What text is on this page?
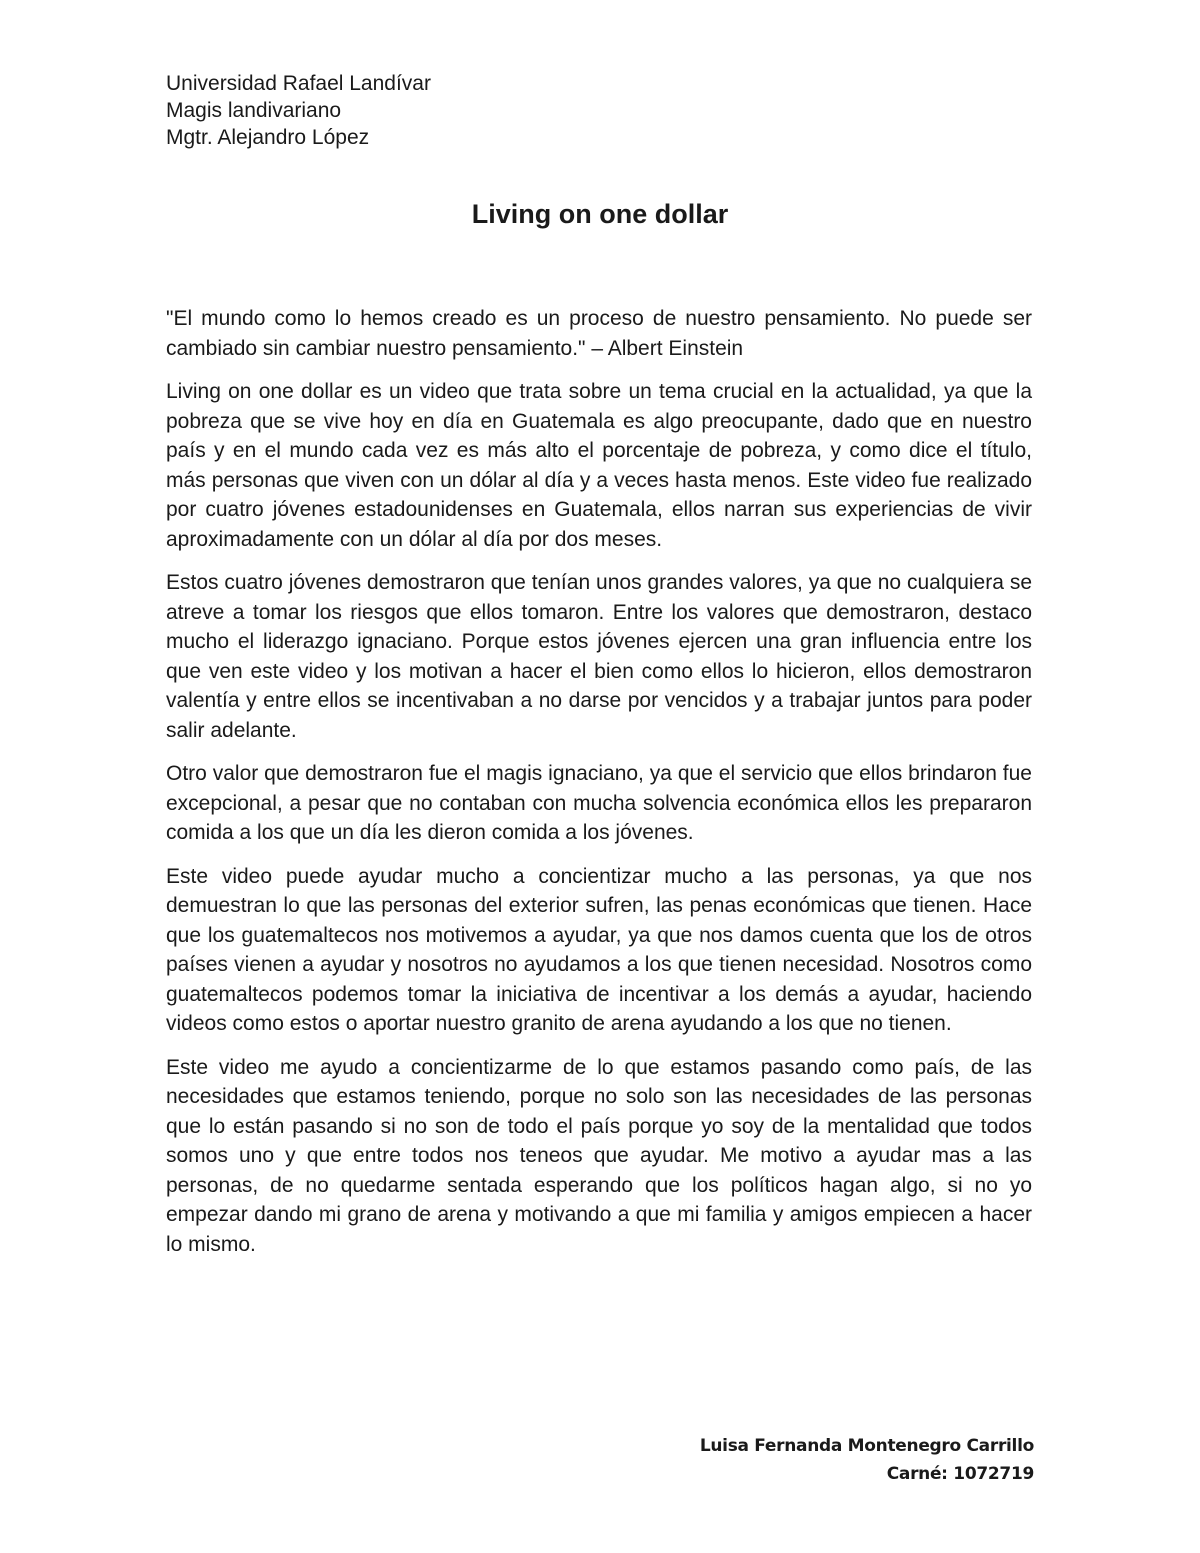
Universidad Rafael Landívar
Magis landivariano
Mgtr. Alejandro López
Living on one dollar

"El mundo como lo hemos creado es un proceso de nuestro pensamiento. No puede ser cambiado sin cambiar nuestro pensamiento." – Albert Einstein

Living on one dollar es un video que trata sobre un tema crucial en la actualidad, ya que la pobreza que se vive hoy en día en Guatemala es algo preocupante, dado que en nuestro país y en el mundo cada vez es más alto el porcentaje de pobreza, y como dice el título, más personas que viven con un dólar al día y a veces hasta menos. Este video fue realizado por cuatro jóvenes estadounidenses en Guatemala, ellos narran sus experiencias de vivir aproximadamente con un dólar al día por dos meses.

Estos cuatro jóvenes demostraron que tenían unos grandes valores, ya que no cualquiera se atreve a tomar los riesgos que ellos tomaron. Entre los valores que demostraron, destaco mucho el liderazgo ignaciano. Porque estos jóvenes ejercen una gran influencia entre los que ven este video y los motivan a hacer el bien como ellos lo hicieron, ellos demostraron valentía y entre ellos se incentivaban a no darse por vencidos y a trabajar juntos para poder salir adelante.

Otro valor que demostraron fue el magis ignaciano, ya que el servicio que ellos brindaron fue excepcional, a pesar que no contaban con mucha solvencia económica ellos les prepararon comida a los que un día les dieron comida a los jóvenes.

Este video puede ayudar mucho a concientizar mucho a las personas, ya que nos demuestran lo que las personas del exterior sufren, las penas económicas que tienen. Hace que los guatemaltecos nos motivemos a ayudar, ya que nos damos cuenta que los de otros países vienen a ayudar y nosotros no ayudamos a los que tienen necesidad. Nosotros como guatemaltecos podemos tomar la iniciativa de incentivar a los demás a ayudar, haciendo videos como estos o aportar nuestro granito de arena ayudando a los que no tienen.

Este video me ayudo a concientizarme de lo que estamos pasando como país, de las necesidades que estamos teniendo, porque no solo son las necesidades de las personas que lo están pasando si no son de todo el país porque yo soy de la mentalidad que todos somos uno y que entre todos nos teneos que ayudar. Me motivo a ayudar mas a las personas, de no quedarme sentada esperando que los políticos hagan algo, si no yo empezar dando mi grano de arena y motivando a que mi familia y amigos empiecen a hacer lo mismo.

Luisa Fernanda Montenegro Carrillo
Carné: 1072719
